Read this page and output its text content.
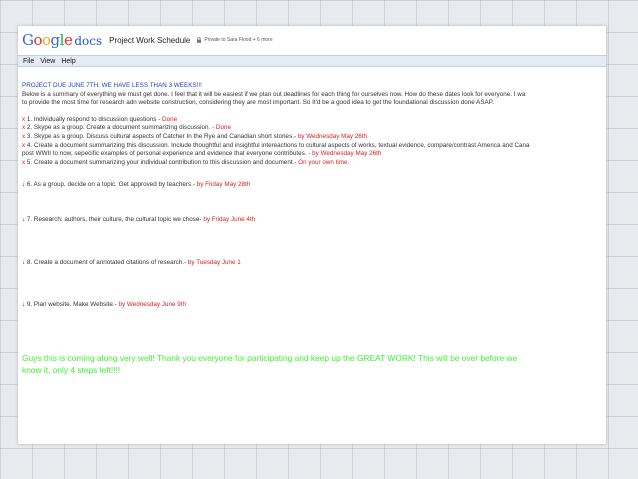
Google docs Project Work Schedule	Private to Sara Flood + 6 more
File View Help
PROJECT DUE JUNE 7TH. WE HAVE LESS THAN 3 WEEKS!!!
Below is a summary of everything we must get done. I feel that it will be easiest if we plan out deadlines for each thing for ourselves now. How do these dates look for everyone. I wa
to provide the most time for research adn website construction, considering they are most important. So It'd be a good idea to get the foundational discussion done ASAP.
x 1. Individually respond to discussion questions - Done
x 2. Skype as a group. Create a document summarizing discussion. - Done
x 3. Skype as a group. Discuss cultural aspects of Catcher In the Rye and Canadian short stories.- by Wednesday May 26th
x 4. Create a document summarizing this discussion. Include thoughtful and insightful intereactions to cultural aspects of works, textual evidence, compare/contrast America and Cana
post WWII to now, sepecific examples of personal experience and evidence that everyone contributes. - by Wednesday May 26th
x 5. Create a document summarizing your individual contribution to this discussion and document.- On your own time.
↓ 6. As a group, decide on a topic. Get approved by teachers.- by Friday May 28th
↓ 7. Research: authors, their culture, the cultural topic we chose- by Friday June 4th
↓ 8. Create a document of annotated citations of research.- by Tuesday June 1
↓ 9. Plan website. Make Website.- by Wednesday June 9th
Guys this is coming along very well! Thank you everyone for participating and keep up the GREAT WORK! This will be over before we
know it, only 4 steps left!!!!
